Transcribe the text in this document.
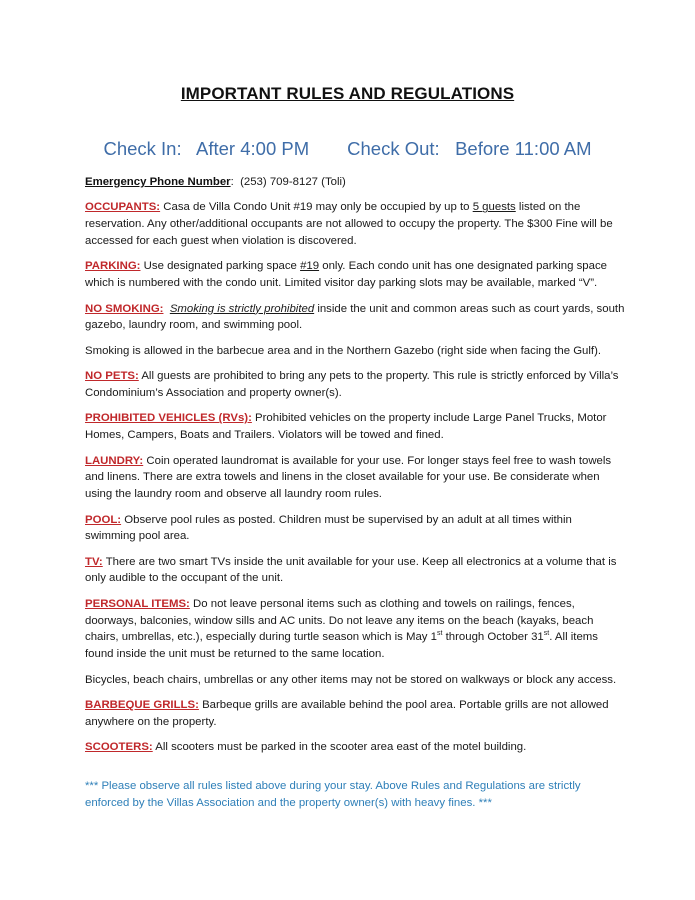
IMPORTANT RULES AND REGULATIONS
Check In:   After 4:00 PM Check Out:   Before 11:00 AM

Emergency Phone Number:  (253) 709-8127 (Toli)

OCCUPANTS: Casa de Villa Condo Unit #19 may only be occupied by up to 5 guests listed on the reservation. Any other/additional occupants are not allowed to occupy the property. The $300 Fine will be accessed for each guest when violation is discovered.

PARKING: Use designated parking space #19 only. Each condo unit has one designated parking space which is numbered with the condo unit. Limited visitor day parking slots may be available, marked “V”.

NO SMOKING: Smoking is strictly prohibited inside the unit and common areas such as court yards, south gazebo, laundry room, and swimming pool.

Smoking is allowed in the barbecue area and in the Northern Gazebo (right side when facing the Gulf).

NO PETS: All guests are prohibited to bring any pets to the property. This rule is strictly enforced by Villa’s Condominium’s Association and property owner(s).

PROHIBITED VEHICLES (RVs): Prohibited vehicles on the property include Large Panel Trucks, Motor Homes, Campers, Boats and Trailers. Violators will be towed and fined.

LAUNDRY: Coin operated laundromat is available for your use. For longer stays feel free to wash towels and linens. There are extra towels and linens in the closet available for your use. Be considerate when using the laundry room and observe all laundry room rules.

POOL: Observe pool rules as posted. Children must be supervised by an adult at all times within swimming pool area.

TV: There are two smart TVs inside the unit available for your use. Keep all electronics at a volume that is only audible to the occupant of the unit.

PERSONAL ITEMS: Do not leave personal items such as clothing and towels on railings, fences, doorways, balconies, window sills and AC units. Do not leave any items on the beach (kayaks, beach chairs, umbrellas, etc.), especially during turtle season which is May 1st through October 31st. All items found inside the unit must be returned to the same location.

Bicycles, beach chairs, umbrellas or any other items may not be stored on walkways or block any access.

BARBEQUE GRILLS: Barbeque grills are available behind the pool area. Portable grills are not allowed anywhere on the property.

SCOOTERS: All scooters must be parked in the scooter area east of the motel building.

*** Please observe all rules listed above during your stay. Above Rules and Regulations are strictly enforced by the Villas Association and the property owner(s) with heavy fines. ***
